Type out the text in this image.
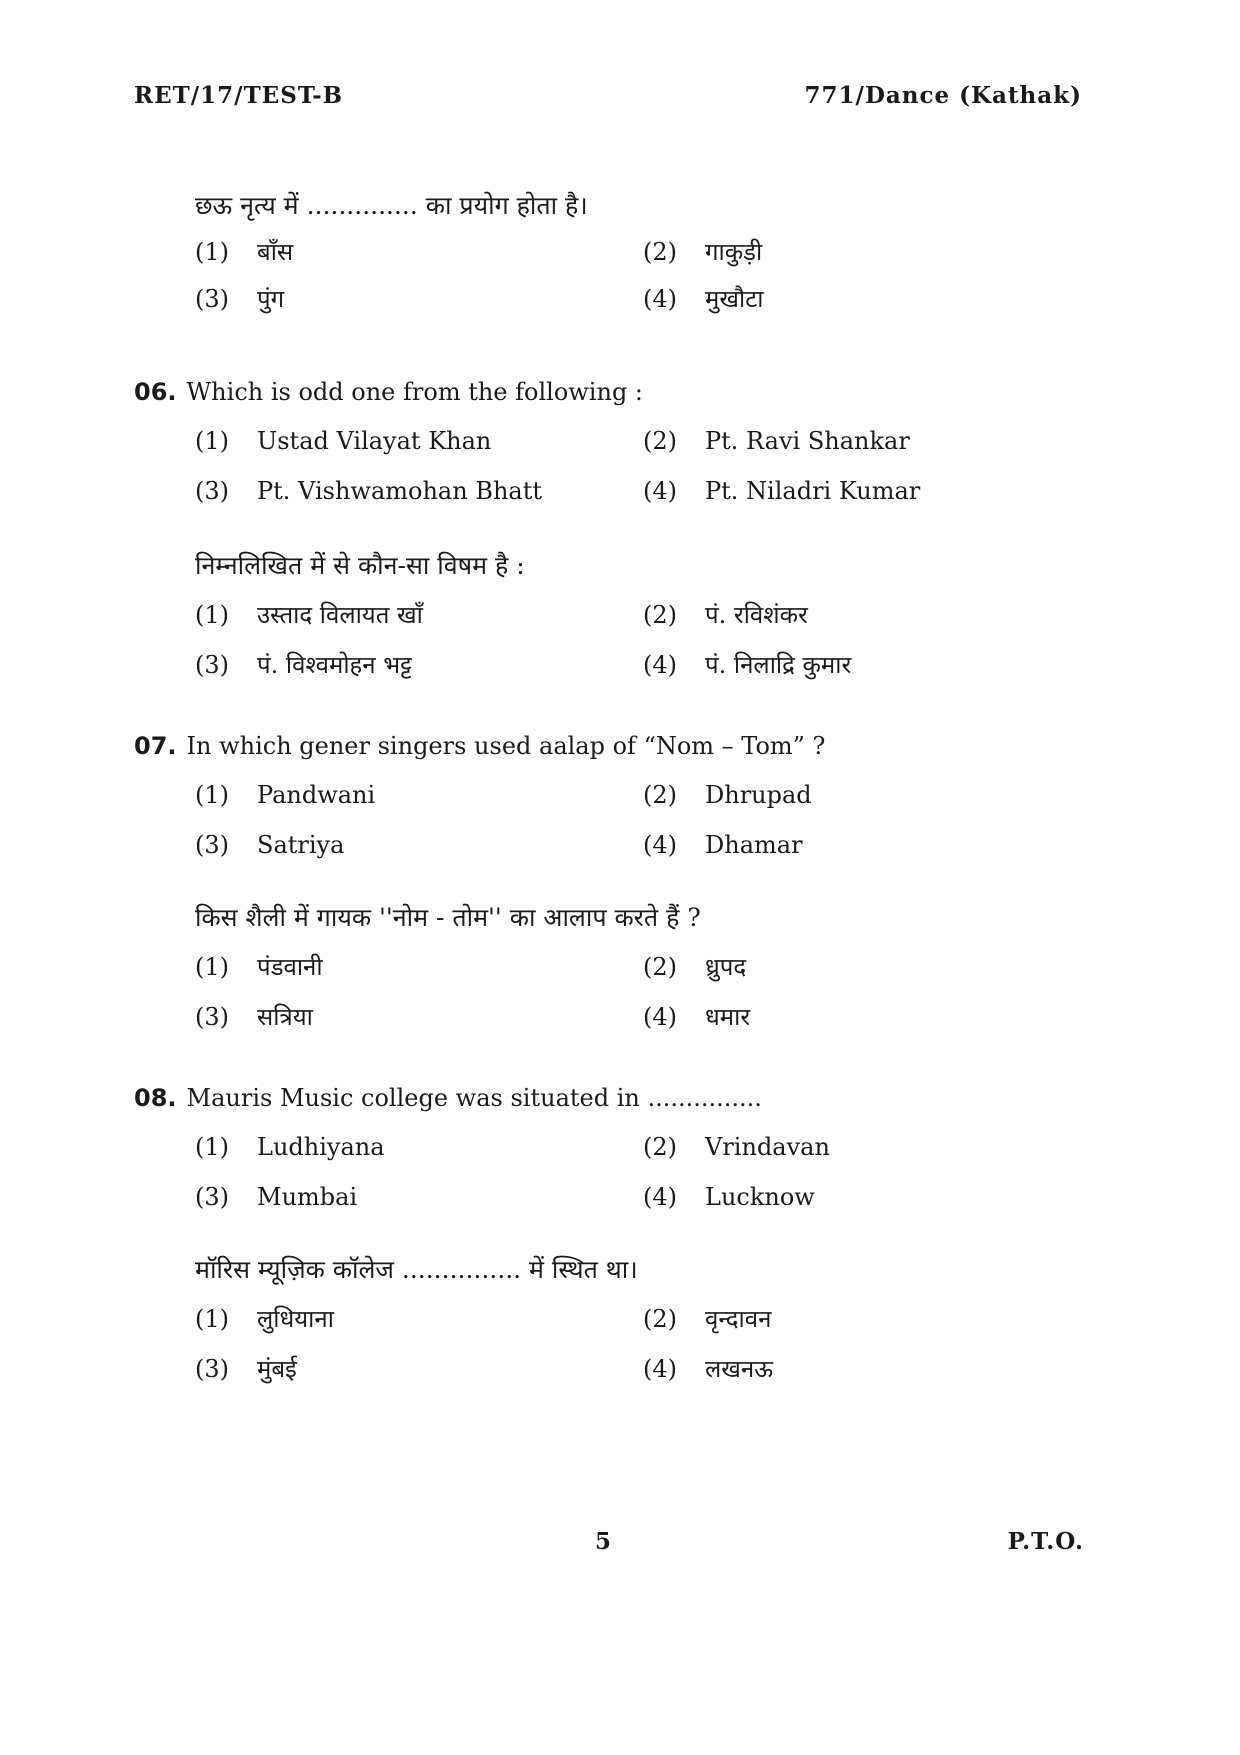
RET/17/TEST-B	771/Dance (Kathak)
छऊ नृत्य में .............. का प्रयोग होता है।
(1) बाँस	(2) गाकुड़ी
(3) पुंग	(4) मुखौटा
06. Which is odd one from the following :
(1) Ustad Vilayat Khan	(2) Pt. Ravi Shankar
(3) Pt. Vishwamohan Bhatt	(4) Pt. Niladri Kumar
निम्नलिखित में से कौन-सा विषम है :
(1) उस्ताद विलायत खाँ	(2) पं. रविशंकर
(3) पं. विश्वमोहन भट्ट	(4) पं. निलाद्रि कुमार
07. In which gener singers used aalap of “Nom – Tom” ?
(1) Pandwani	(2) Dhrupad
(3) Satriya	(4) Dhamar
किस शैली में गायक ''नोम - तोम'' का आलाप करते हैं ?
(1) पंडवानी	(2) ध्रुपद
(3) सत्रिया	(4) धमार
08. Mauris Music college was situated in ...............
(1) Ludhiyana	(2) Vrindavan
(3) Mumbai	(4) Lucknow
मॉरिस म्यूज़िक कॉलेज ............... में स्थित था।
(1) लुधियाना	(2) वृन्दावन
(3) मुंबई	(4) लखनऊ
5	P.T.O.
